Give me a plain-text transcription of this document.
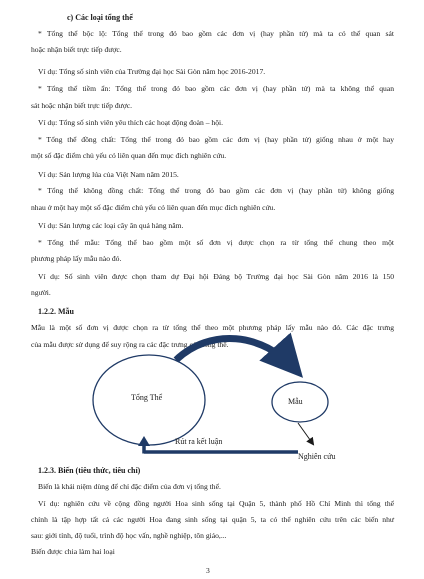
c) Các loại tổng thể
* Tổng thể bộc lộ: Tổng thể trong đó bao gồm các đơn vị (hay phần tử) mà ta có thể quan sát
hoặc nhận biết trực tiếp được.
Ví dụ: Tổng số sinh viên của Trường đại học Sài Gòn năm học 2016-2017.
* Tổng thể tiềm ẩn: Tổng thể trong đó bao gồm các đơn vị (hay phần tử) mà ta không thể quan
sát hoặc nhận biết trực tiếp được.
Ví dụ: Tổng số sinh viên yêu thích các hoạt động đoàn – hội.
* Tổng thể đồng chất: Tổng thể trong đó bao gồm các đơn vị (hay phần tử) giống nhau ở một hay
một số đặc điểm chủ yếu có liên quan đến mục đích nghiên cứu.
Ví dụ: Sản lượng lúa của Việt Nam năm 2015.
* Tổng thể không đồng chất: Tổng thể trong đó bao gồm các đơn vị (hay phần tử) không giống
nhau ở một hay một số đặc điểm chủ yếu có liên quan đến mục đích nghiên cứu.
Ví dụ: Sản lượng các loại cây ăn quả hàng năm.
* Tổng thể mẫu: Tổng thể bao gồm một số đơn vị được chọn ra từ tổng thể chung theo một
phương pháp lấy mẫu nào đó.
Ví dụ: Số sinh viên được chọn tham dự Đại hội Đảng bộ Trường đại học Sài Gòn năm 2016 là 150
người.
1.2.2. Mẫu
Mẫu là một số đơn vị được chọn ra từ tổng thể theo một phương pháp lấy mẫu nào đó. Các đặc trưng
của mẫu được sử dụng để suy rộng ra các đặc trưng của tổng thể.
Tổng Thể	Mẫu
Rút ra kết luận
Nghiên cứu
1.2.3. Biến (tiêu thức, tiêu chí)
Biến là khái niệm dùng để chỉ đặc điểm của đơn vị tổng thể.
Ví dụ: nghiên cứu về cộng đồng người Hoa sinh sống tại Quận 5, thành phố Hồ Chí Minh thì tổng thể
chính là tập hợp tất cả các người Hoa đang sinh sống tại quận 5, ta có thể nghiên cứu trên các biến như
sau: giới tính, độ tuổi, trình độ học vấn, nghề nghiệp, tôn giáo,...
Biến được chia làm hai loại
3
